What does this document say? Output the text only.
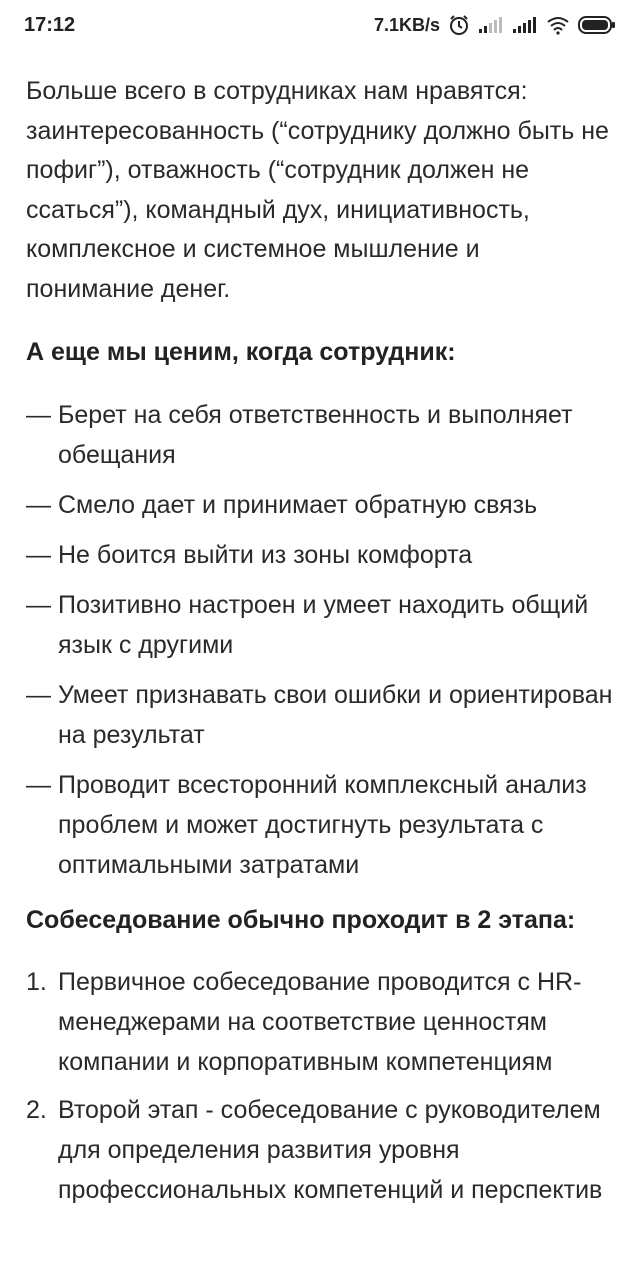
17:12	7.1KB/s

Больше всего в сотрудниках нам нравятся: заинтересованность (“сотруднику должно быть не пофиг”), отважность (“сотрудник должен не ссаться”), командный дух, инициативность, комплексное и системное мышление и понимание денег.

А еще мы ценим, когда сотрудник:

— Берет на себя ответственность и выполняет обещания
— Смело дает и принимает обратную связь
— Не боится выйти из зоны комфорта
— Позитивно настроен и умеет находить общий язык с другими
— Умеет признавать свои ошибки и ориентирован на результат
— Проводит всесторонний комплексный анализ проблем и может достигнуть результата с оптимальными затратами

Собеседование обычно проходит в 2 этапа:

1. Первичное собеседование проводится с HR-менеджерами на соответствие ценностям компании и корпоративным компетенциям
2. Второй этап - собеседование с руководителем для определения развития уровня профессиональных компетенций и перспектив
